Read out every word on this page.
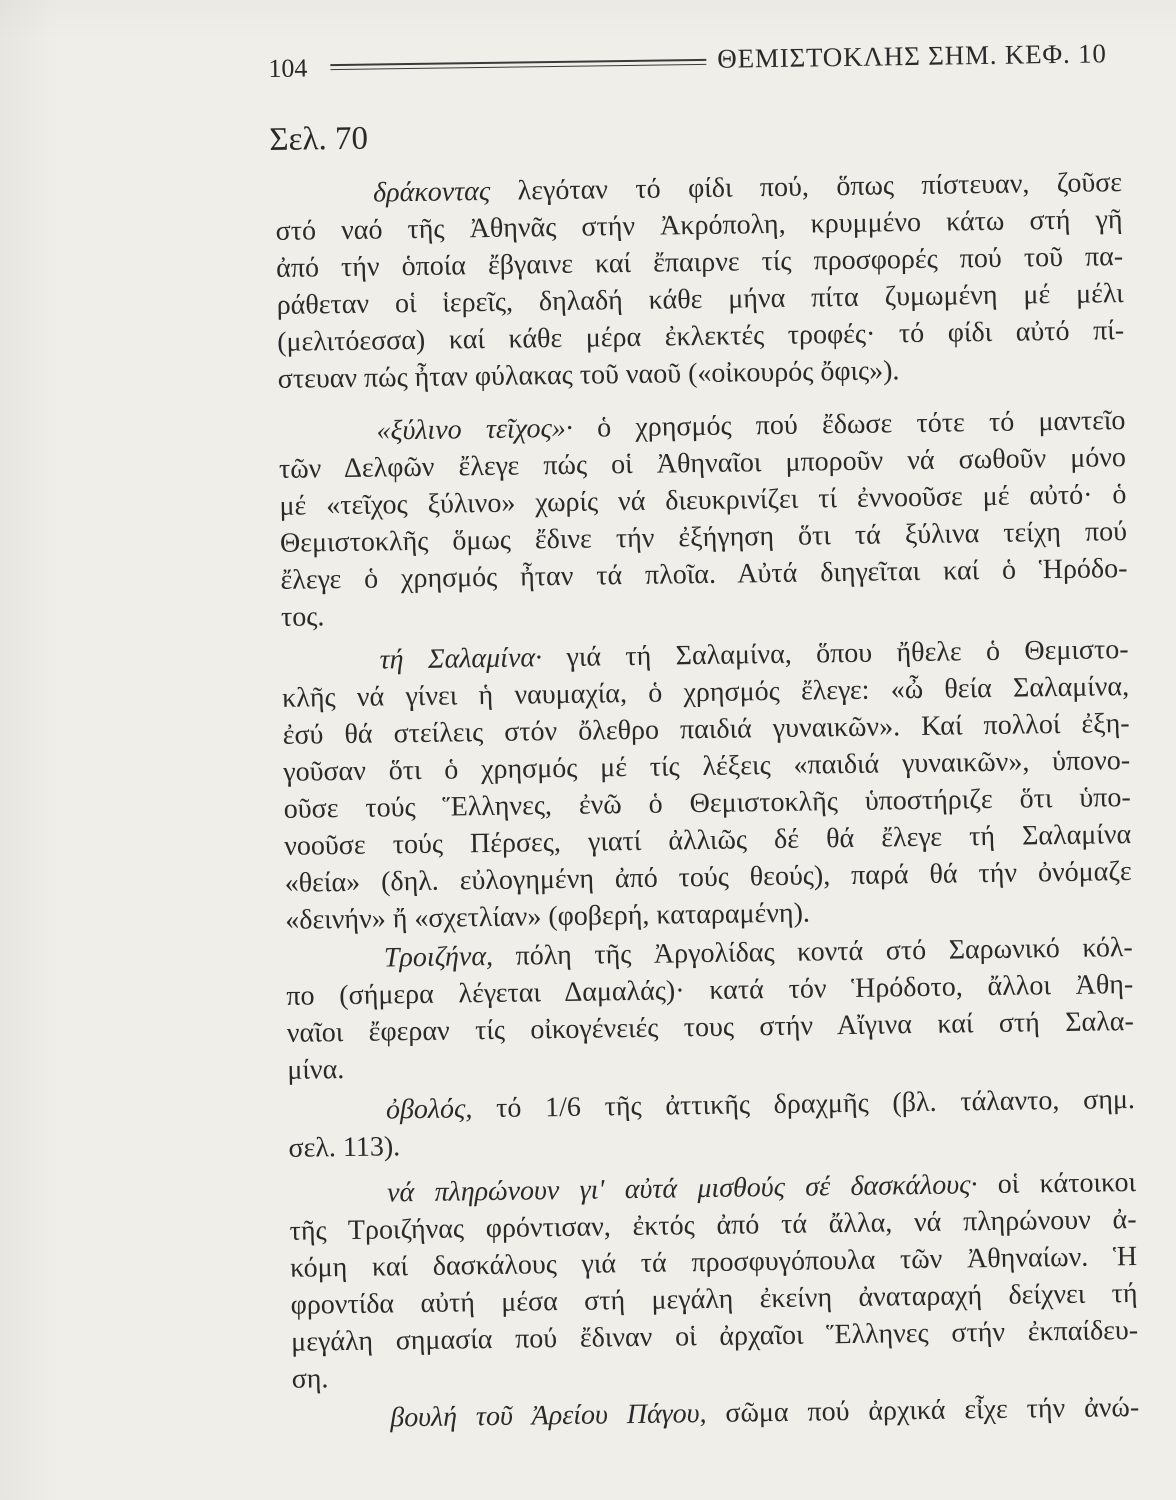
104	ΘΕΜΙΣΤΟΚΛΗΣ ΣΗΜ. ΚΕΦ. 10
Σελ. 70
δράκοντας λεγόταν τό φίδι πού, ὅπως πίστευαν, ζοῦσε
στό ναό τῆς Ἀθηνᾶς στήν Ἀκρόπολη, κρυμμένο κάτω στή γῆ
ἀπό τήν ὁποία ἔβγαινε καί ἔπαιρνε τίς προσφορές πού τοῦ πα-
ράθεταν οἱ ἱερεῖς, δηλαδή κάθε μήνα πίτα ζυμωμένη μέ μέλι
(μελιτόεσσα) καί κάθε μέρα ἐκλεκτές τροφές· τό φίδι αὐτό πί-
στευαν πώς ἦταν φύλακας τοῦ ναοῦ («οἰκουρός ὄφις»).
«ξύλινο τεῖχος»· ὁ χρησμός πού ἔδωσε τότε τό μαντεῖο
τῶν Δελφῶν ἔλεγε πώς οἱ Ἀθηναῖοι μποροῦν νά σωθοῦν μόνο
μέ «τεῖχος ξύλινο» χωρίς νά διευκρινίζει τί ἐννοοῦσε μέ αὐτό· ὁ
Θεμιστοκλῆς ὅμως ἔδινε τήν ἐξήγηση ὅτι τά ξύλινα τείχη πού
ἔλεγε ὁ χρησμός ἦταν τά πλοῖα. Αὐτά διηγεῖται καί ὁ Ἡρόδο-
τος.
τή Σαλαμίνα· γιά τή Σαλαμίνα, ὅπου ἤθελε ὁ Θεμιστο-
κλῆς νά γίνει ἡ ναυμαχία, ὁ χρησμός ἔλεγε: «ὦ θεία Σαλαμίνα,
ἐσύ θά στείλεις στόν ὄλεθρο παιδιά γυναικῶν». Καί πολλοί ἐξη-
γοῦσαν ὅτι ὁ χρησμός μέ τίς λέξεις «παιδιά γυναικῶν», ὑπονο-
οῦσε τούς Ἕλληνες, ἐνῶ ὁ Θεμιστοκλῆς ὑποστήριζε ὅτι ὑπο-
νοοῦσε τούς Πέρσες, γιατί ἀλλιῶς δέ θά ἔλεγε τή Σαλαμίνα
«θεία» (δηλ. εὐλογημένη ἀπό τούς θεούς), παρά θά τήν ὀνόμαζε
«δεινήν» ἤ «σχετλίαν» (φοβερή, καταραμένη).
Τροιζήνα, πόλη τῆς Ἀργολίδας κοντά στό Σαρωνικό κόλ-
πο (σήμερα λέγεται Δαμαλάς)· κατά τόν Ἡρόδοτο, ἄλλοι Ἀθη-
ναῖοι ἔφεραν τίς οἰκογένειές τους στήν Αἴγινα καί στή Σαλα-
μίνα.
ὀβολός, τό 1/6 τῆς ἀττικῆς δραχμῆς (βλ. τάλαντο, σημ.
σελ. 113).
νά πληρώνουν γι' αὐτά μισθούς σέ δασκάλους· οἱ κάτοικοι
τῆς Τροιζήνας φρόντισαν, ἐκτός ἀπό τά ἄλλα, νά πληρώνουν ἀ-
κόμη καί δασκάλους γιά τά προσφυγόπουλα τῶν Ἀθηναίων. Ἡ
φροντίδα αὐτή μέσα στή μεγάλη ἐκείνη ἀναταραχή δείχνει τή
μεγάλη σημασία πού ἔδιναν οἱ ἀρχαῖοι Ἕλληνες στήν ἐκπαίδευ-
ση.
βουλή τοῦ Ἀρείου Πάγου, σῶμα πού ἀρχικά εἶχε τήν ἀνώ-
